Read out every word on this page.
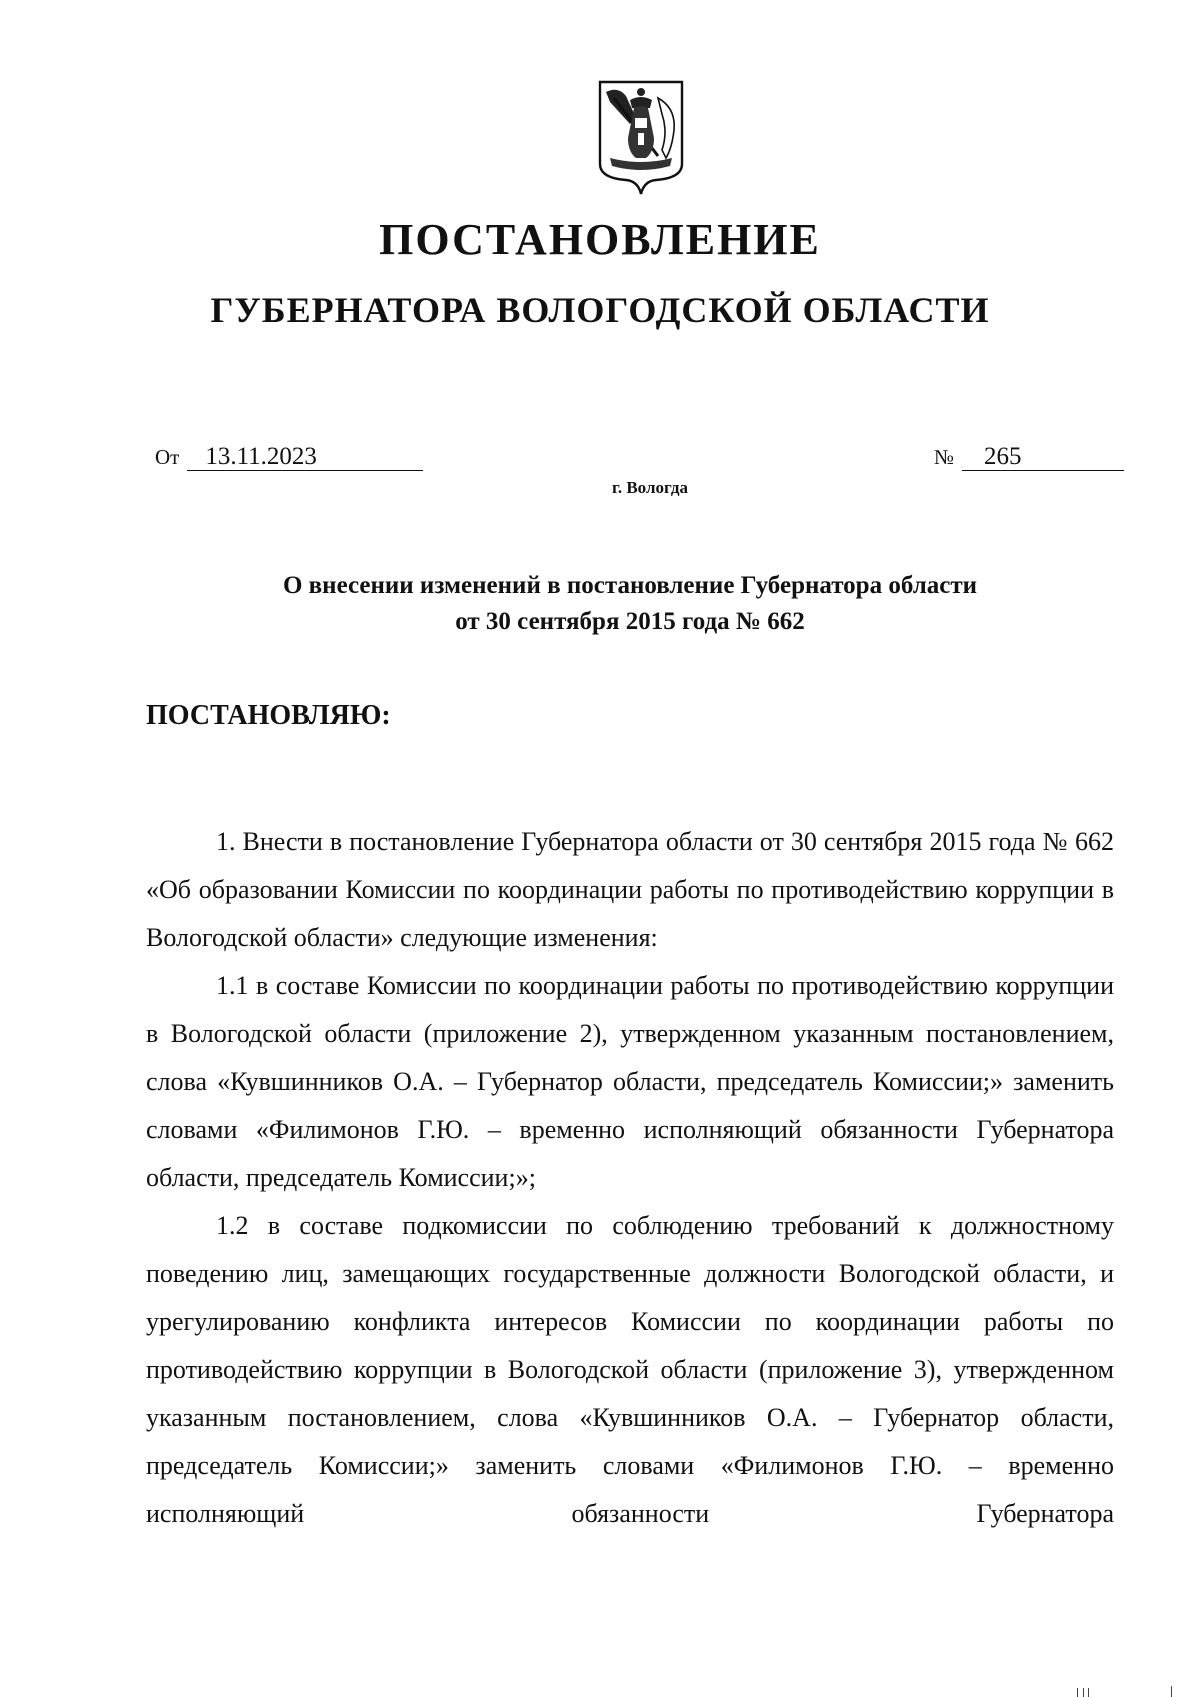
ПОСТАНОВЛЕНИЕ
ГУБЕРНАТОРА ВОЛОГОДСКОЙ ОБЛАСТИ
От 13.11.2023	№ 265
г. Вологда
О внесении изменений в постановление Губернатора области
от 30 сентября 2015 года № 662
ПОСТАНОВЛЯЮ:

1. Внести в постановление Губернатора области от 30 сентября 2015 года № 662 «Об образовании Комиссии по координации работы по противодействию коррупции в Вологодской области» следующие изменения:

1.1 в составе Комиссии по координации работы по противодействию коррупции в Вологодской области (приложение 2), утвержденном указанным постановлением, слова «Кувшинников О.А. – Губернатор области, председатель Комиссии;» заменить словами «Филимонов Г.Ю. – временно исполняющий обязанности Губернатора области, председатель Комиссии;»;

1.2 в составе подкомиссии по соблюдению требований к должностному поведению лиц, замещающих государственные должности Вологодской области, и урегулированию конфликта интересов Комиссии по координации работы по противодействию коррупции в Вологодской области (приложение 3), утвержденном указанным постановлением, слова «Кувшинников О.А. – Губернатор области, председатель Комиссии;» заменить словами «Филимонов Г.Ю. – временно исполняющий обязанности Губернатора
